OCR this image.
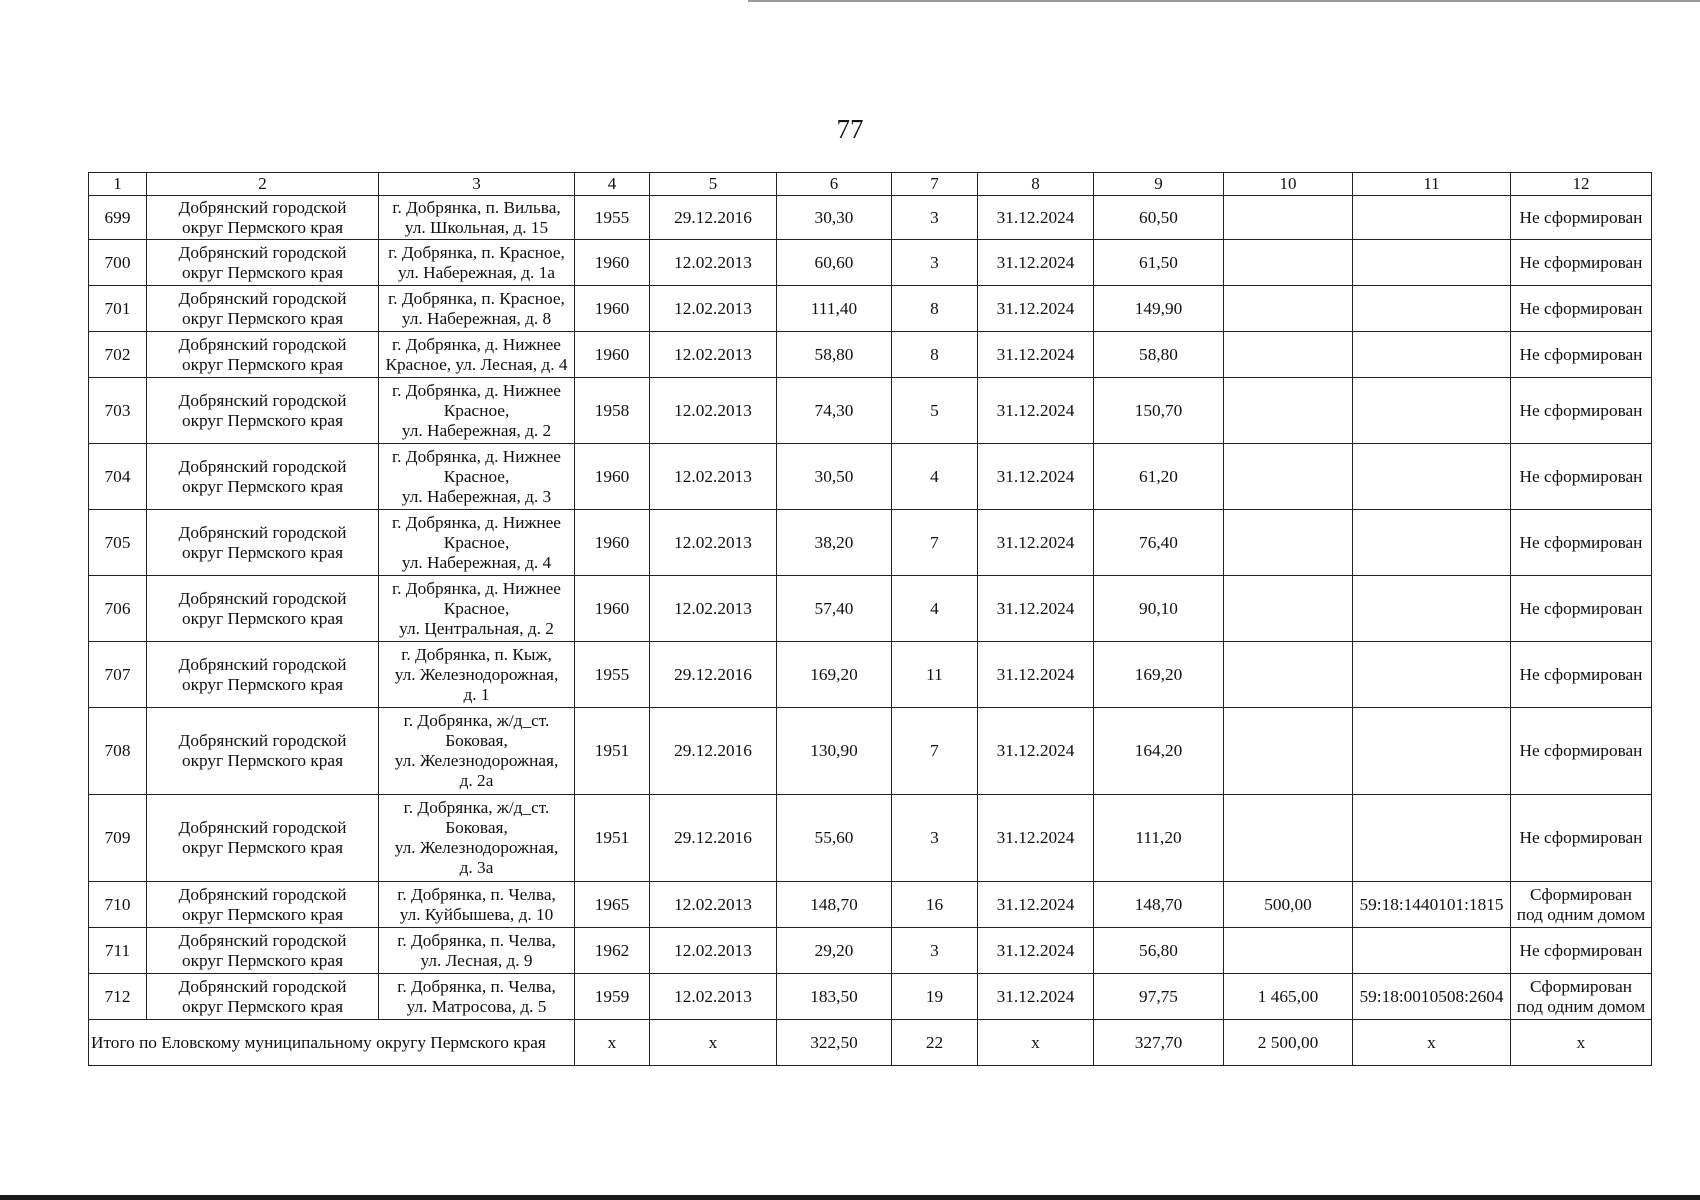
77
1	2	3	4	5	6	7	8	9	10	11	12
699	Добрянский городской
округ Пермского края	г. Добрянка, п. Вильва,
ул. Школьная, д. 15	1955	29.12.2016	30,30	3	31.12.2024	60,50			Не сформирован
700	Добрянский городской
округ Пермского края	г. Добрянка, п. Красное,
ул. Набережная, д. 1а	1960	12.02.2013	60,60	3	31.12.2024	61,50			Не сформирован
701	Добрянский городской
округ Пермского края	г. Добрянка, п. Красное,
ул. Набережная, д. 8	1960	12.02.2013	111,40	8	31.12.2024	149,90			Не сформирован
702	Добрянский городской
округ Пермского края	г. Добрянка, д. Нижнее
Красное, ул. Лесная, д. 4	1960	12.02.2013	58,80	8	31.12.2024	58,80			Не сформирован
703	Добрянский городской
округ Пермского края	г. Добрянка, д. Нижнее
Красное,
ул. Набережная, д. 2	1958	12.02.2013	74,30	5	31.12.2024	150,70			Не сформирован
704	Добрянский городской
округ Пермского края	г. Добрянка, д. Нижнее
Красное,
ул. Набережная, д. 3	1960	12.02.2013	30,50	4	31.12.2024	61,20			Не сформирован
705	Добрянский городской
округ Пермского края	г. Добрянка, д. Нижнее
Красное,
ул. Набережная, д. 4	1960	12.02.2013	38,20	7	31.12.2024	76,40			Не сформирован
706	Добрянский городской
округ Пермского края	г. Добрянка, д. Нижнее
Красное,
ул. Центральная, д. 2	1960	12.02.2013	57,40	4	31.12.2024	90,10			Не сформирован
707	Добрянский городской
округ Пермского края	г. Добрянка, п. Кыж,
ул. Железнодорожная,
д. 1	1955	29.12.2016	169,20	11	31.12.2024	169,20			Не сформирован
708	Добрянский городской
округ Пермского края	г. Добрянка, ж/д_ст.
Боковая,
ул. Железнодорожная,
д. 2а	1951	29.12.2016	130,90	7	31.12.2024	164,20			Не сформирован
709	Добрянский городской
округ Пермского края	г. Добрянка, ж/д_ст.
Боковая,
ул. Железнодорожная,
д. 3а	1951	29.12.2016	55,60	3	31.12.2024	111,20			Не сформирован
710	Добрянский городской
округ Пермского края	г. Добрянка, п. Челва,
ул. Куйбышева, д. 10	1965	12.02.2013	148,70	16	31.12.2024	148,70	500,00	59:18:1440101:1815	Сформирован
под одним домом
711	Добрянский городской
округ Пермского края	г. Добрянка, п. Челва,
ул. Лесная, д. 9	1962	12.02.2013	29,20	3	31.12.2024	56,80			Не сформирован
712	Добрянский городской
округ Пермского края	г. Добрянка, п. Челва,
ул. Матросова, д. 5	1959	12.02.2013	183,50	19	31.12.2024	97,75	1 465,00	59:18:0010508:2604	Сформирован
под одним домом
Итого по Еловскому муниципальному округу Пермского края			х	х	322,50	22	х	327,70	2 500,00	х	х
